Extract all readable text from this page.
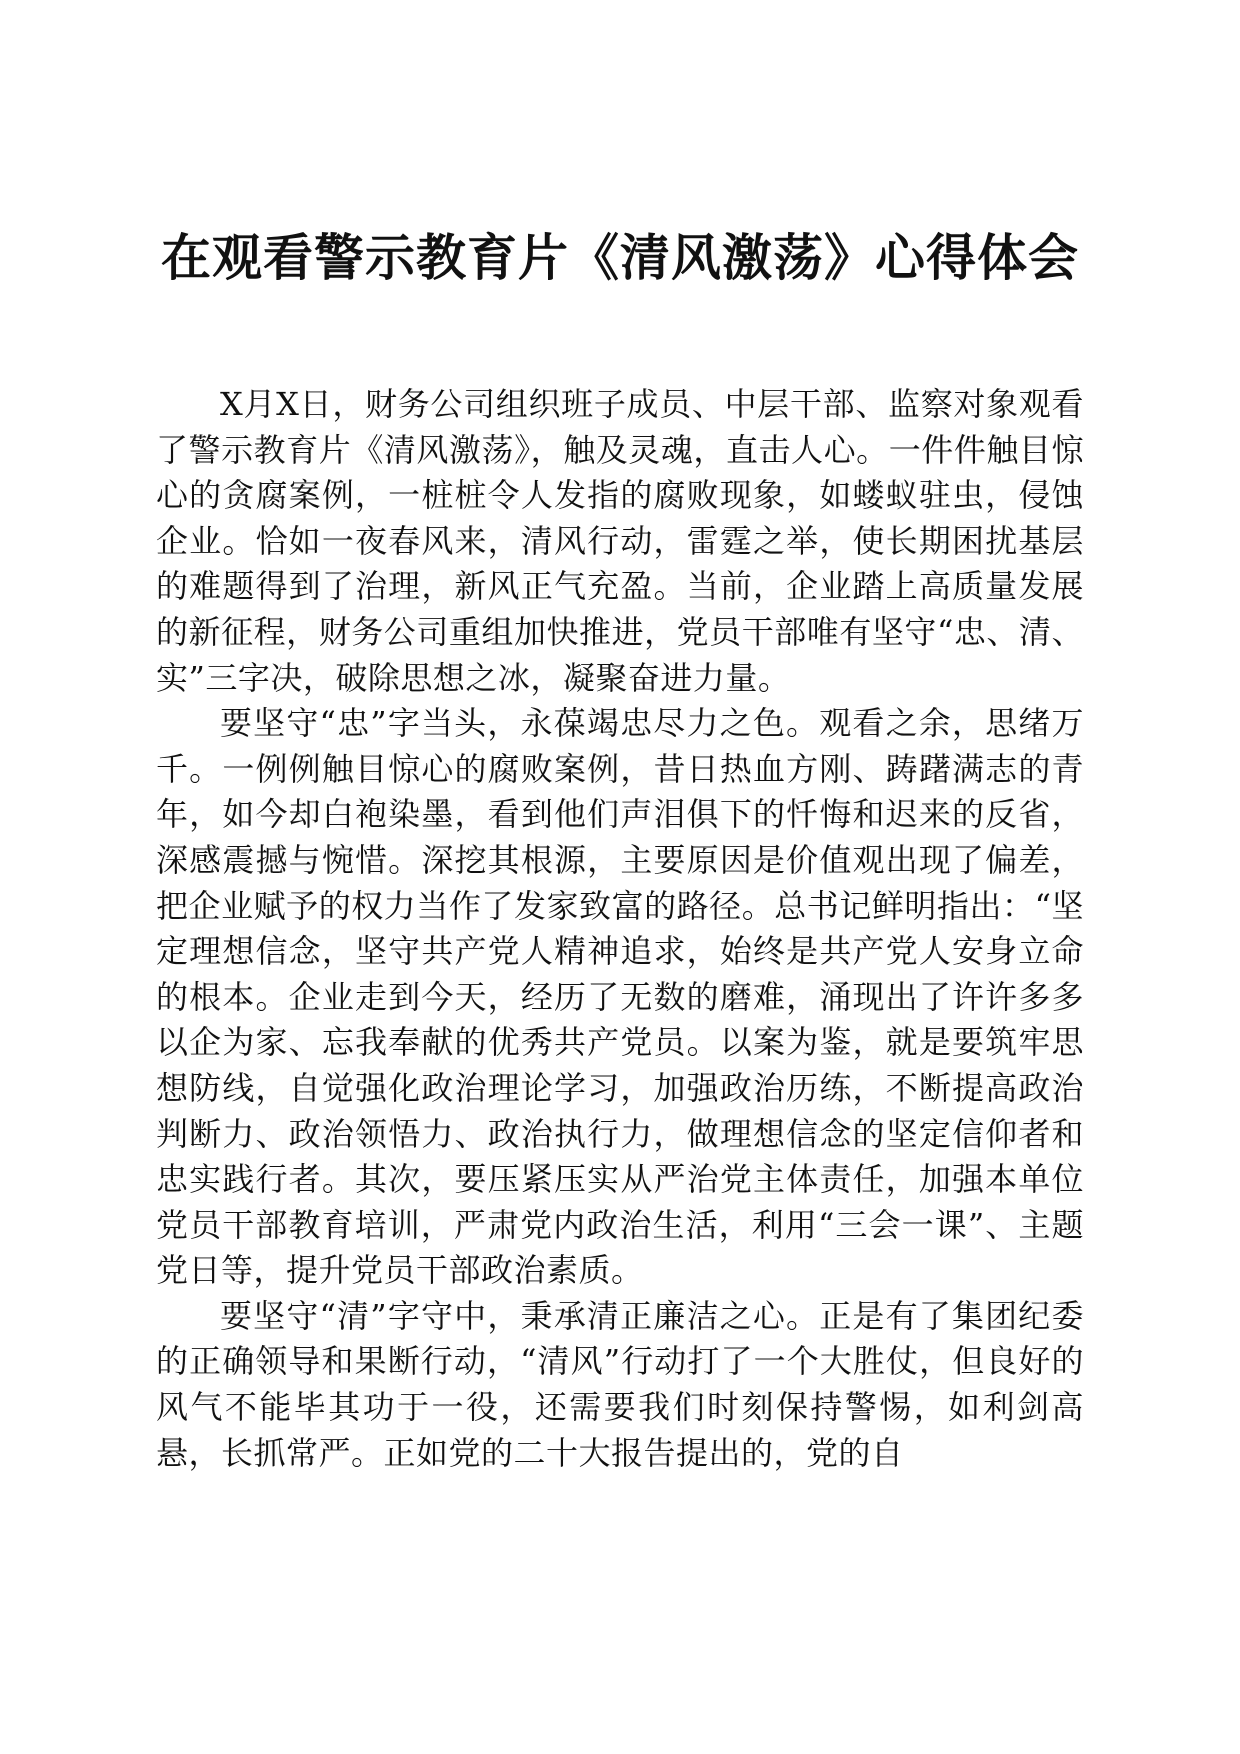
在观看警示教育片《清风激荡》心得体会

X月X日，财务公司组织班子成员、中层干部、监察对象观看了警示教育片《清风激荡》，触及灵魂，直击人心。一件件触目惊心的贪腐案例，一桩桩令人发指的腐败现象，如蝼蚁驻虫，侵蚀企业。恰如一夜春风来，清风行动，雷霆之举，使长期困扰基层的难题得到了治理，新风正气充盈。当前，企业踏上高质量发展的新征程，财务公司重组加快推进，党员干部唯有坚守“忠、清、实”三字决，破除思想之冰，凝聚奋进力量。

要坚守“忠”字当头，永葆竭忠尽力之色。观看之余，思绪万千。一例例触目惊心的腐败案例，昔日热血方刚、踌躇满志的青年，如今却白袍染墨，看到他们声泪俱下的忏悔和迟来的反省，深感震撼与惋惜。深挖其根源，主要原因是价值观出现了偏差，把企业赋予的权力当作了发家致富的路径。总书记鲜明指出：“坚定理想信念，坚守共产党人精神追求，始终是共产党人安身立命的根本。企业走到今天，经历了无数的磨难，涌现出了许许多多以企为家、忘我奉献的优秀共产党员。以案为鉴，就是要筑牢思想防线，自觉强化政治理论学习，加强政治历练，不断提高政治判断力、政治领悟力、政治执行力，做理想信念的坚定信仰者和忠实践行者。其次，要压紧压实从严治党主体责任，加强本单位党员干部教育培训，严肃党内政治生活，利用“三会一课”、主题党日等，提升党员干部政治素质。

要坚守“清”字守中，秉承清正廉洁之心。正是有了集团纪委的正确领导和果断行动，“清风”行动打了一个大胜仗，但良好的风气不能毕其功于一役，还需要我们时刻保持警惕，如利剑高悬，长抓常严。正如党的二十大报告提出的，党的自
